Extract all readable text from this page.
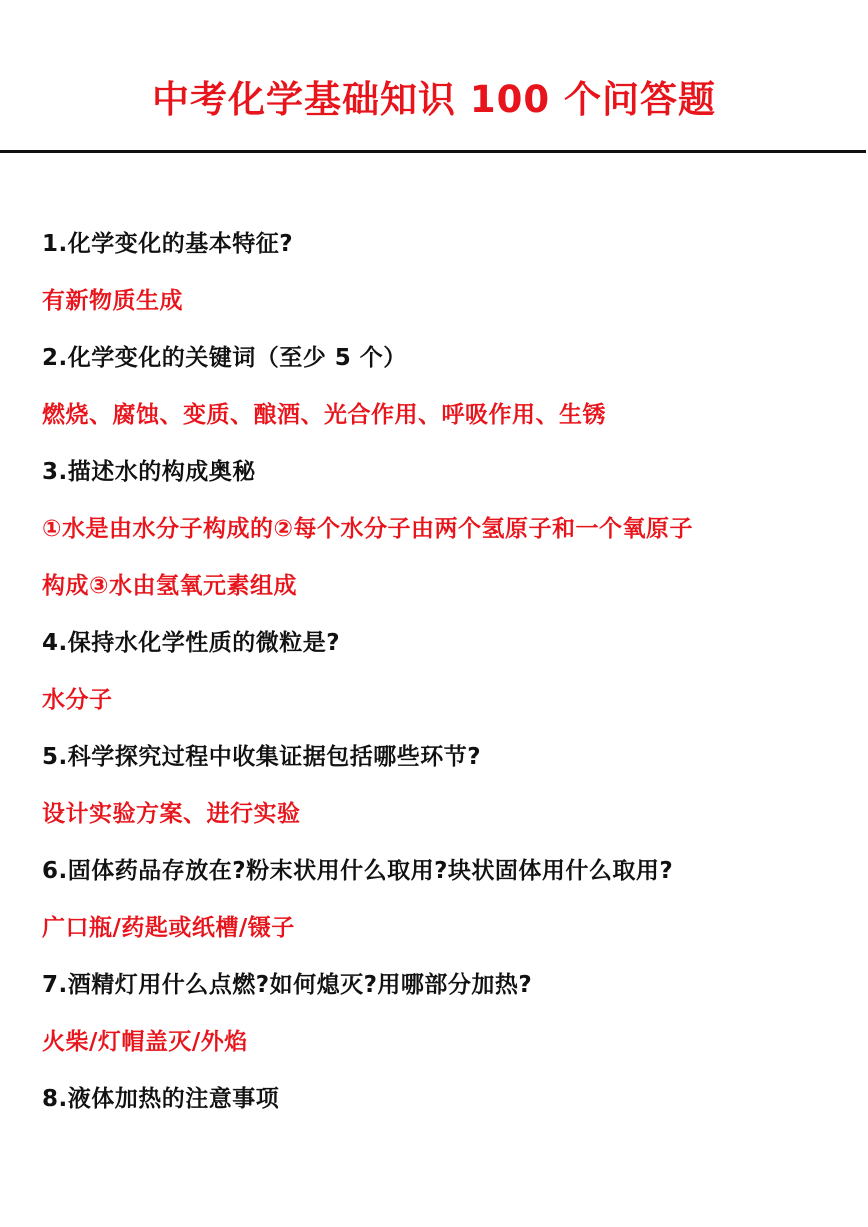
中考化学基础知识 100 个问答题
1.化学变化的基本特征?
有新物质生成
2.化学变化的关键词（至少 5 个）
燃烧、腐蚀、变质、酿酒、光合作用、呼吸作用、生锈
3.描述水的构成奥秘
①水是由水分子构成的②每个水分子由两个氢原子和一个氧原子
构成③水由氢氧元素组成
4.保持水化学性质的微粒是?
水分子
5.科学探究过程中收集证据包括哪些环节?
设计实验方案、进行实验
6.固体药品存放在?粉末状用什么取用?块状固体用什么取用?
广口瓶/药匙或纸槽/镊子
7.酒精灯用什么点燃?如何熄灭?用哪部分加热?
火柴/灯帽盖灭/外焰
8.液体加热的注意事项
